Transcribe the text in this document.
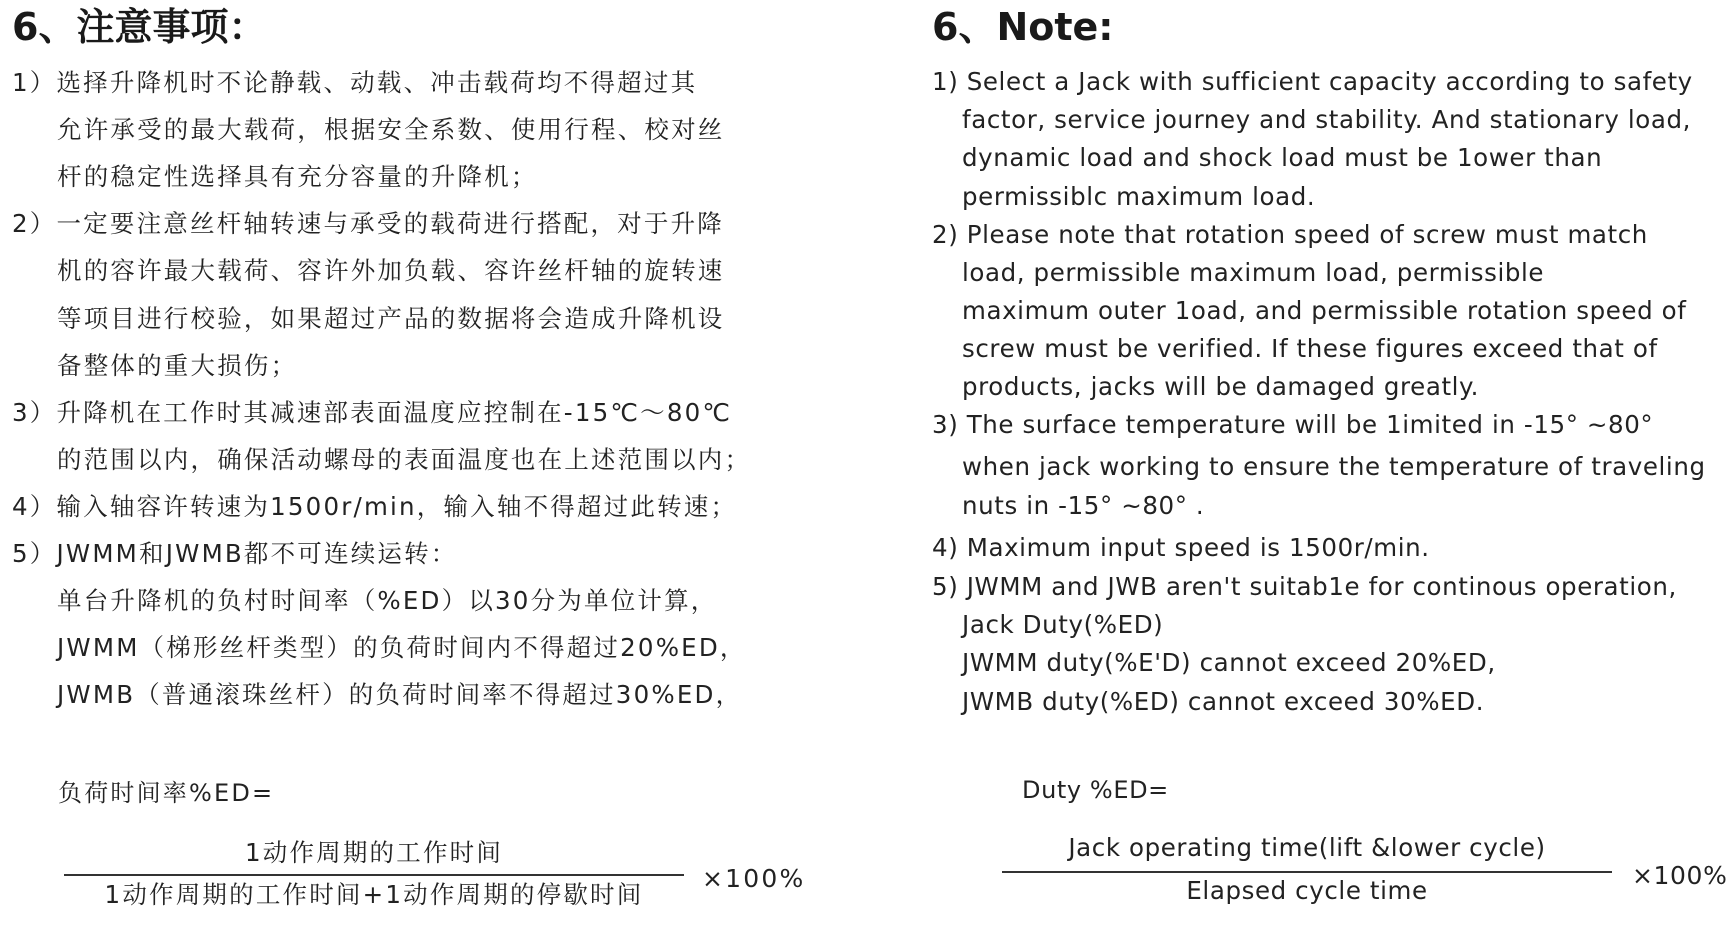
6、注意事项：
1）选择升降机时不论静载、动载、冲击载荷均不得超过其
允许承受的最大载荷，根据安全系数、使用行程、校对丝
杆的稳定性选择具有充分容量的升降机；
2）一定要注意丝杆轴转速与承受的载荷进行搭配，对于升降
机的容许最大载荷、容许外加负载、容许丝杆轴的旋转速
等项目进行校验，如果超过产品的数据将会造成升降机设
备整体的重大损伤；
3）升降机在工作时其减速部表面温度应控制在-15℃～80℃
的范围以内，确保活动螺母的表面温度也在上述范围以内；
4）输入轴容许转速为1500r/min，输入轴不得超过此转速；
5）JWMM和JWMB都不可连续运转：
单台升降机的负村时间率（%ED）以30分为单位计算，
JWMM（梯形丝杆类型）的负荷时间内不得超过20%ED，
JWMB（普通滚珠丝杆）的负荷时间率不得超过30%ED，
负荷时间率%ED=
1动作周期的工作时间
1动作周期的工作时间+1动作周期的停歇时间
×100%
6、Note:
1) Select a Jack with sufficient capacity according to safety
factor, service journey and stability. And stationary load,
dynamic load and shock load must be 1ower than
permissiblc maximum load.
2) Please note that rotation speed of screw must match
load, permissible maximum load, permissible
maximum outer 1oad, and permissible rotation speed of
screw must be verified. If these figures exceed that of
products, jacks will be damaged greatly.
3) The surface temperature will be 1imited in -15° ~80°
when jack working to ensure the temperature of traveling
nuts in -15° ~80° .
4) Maximum input speed is 1500r/min.
5) JWMM and JWB aren't suitab1e for continous operation,
Jack Duty(%ED)
JWMM duty(%E'D) cannot exceed 20%ED,
JWMB duty(%ED) cannot exceed 30%ED.
Duty %ED=
Jack operating time(lift &lower cycle)
Elapsed cycle time
×100%
